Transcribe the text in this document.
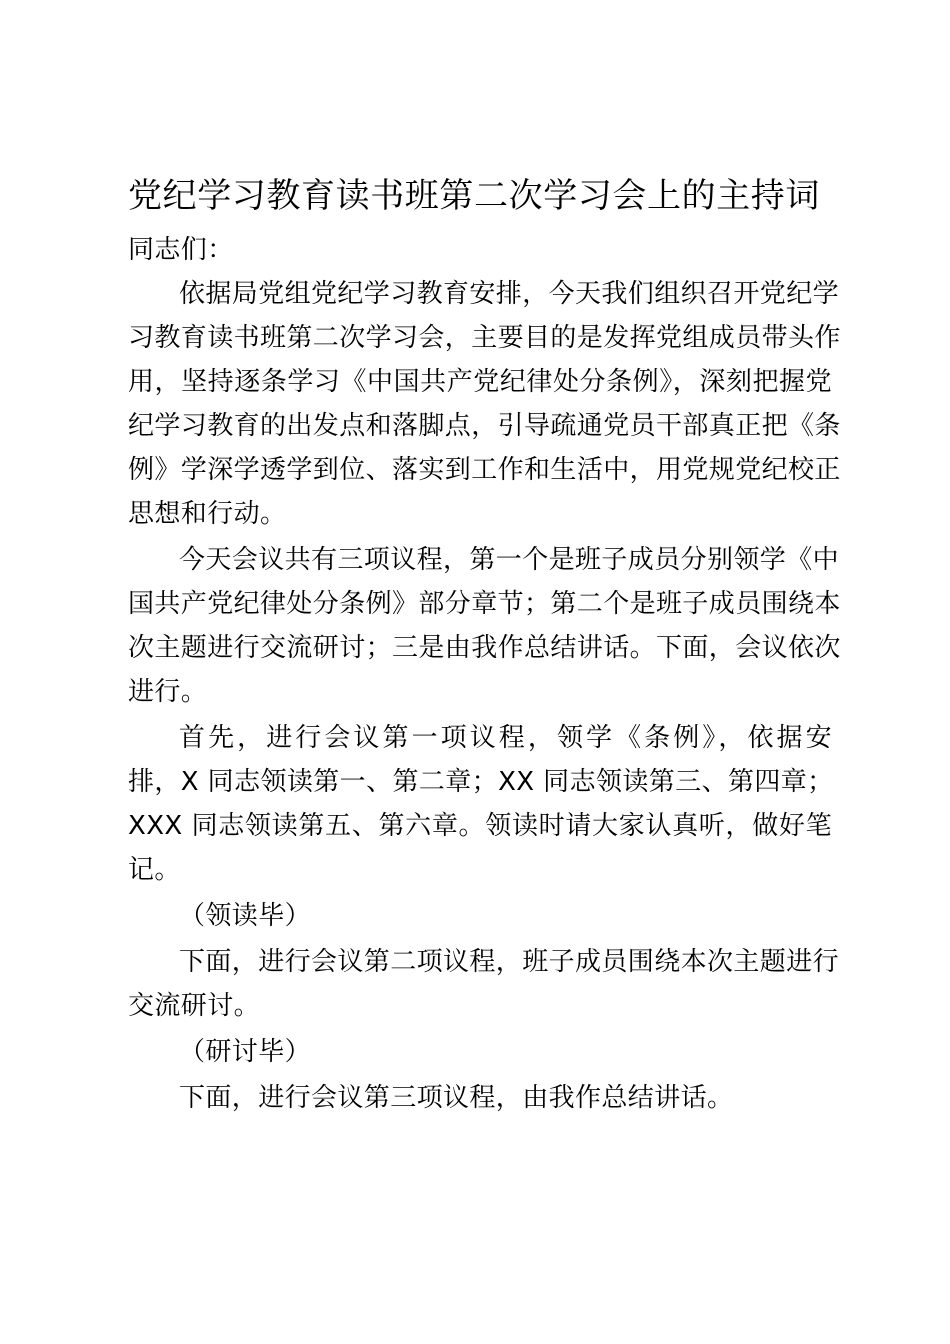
党纪学习教育读书班第二次学习会上的主持词
同志们：
依据局党组党纪学习教育安排，今天我们组织召开党纪学
习教育读书班第二次学习会，主要目的是发挥党组成员带头作
用，坚持逐条学习《中国共产党纪律处分条例》，深刻把握党
纪学习教育的出发点和落脚点，引导疏通党员干部真正把《条
例》学深学透学到位、落实到工作和生活中，用党规党纪校正
思想和行动。
今天会议共有三项议程，第一个是班子成员分别领学《中
国共产党纪律处分条例》部分章节；第二个是班子成员围绕本
次主题进行交流研讨；三是由我作总结讲话。下面，会议依次
进行。
首先，进行会议第一项议程，领学《条例》，依据安
排，X 同志领读第一、第二章；XX 同志领读第三、第四章；
XXX 同志领读第五、第六章。领读时请大家认真听，做好笔
记。
（领读毕）
下面，进行会议第二项议程，班子成员围绕本次主题进行
交流研讨。
（研讨毕）
下面，进行会议第三项议程，由我作总结讲话。
